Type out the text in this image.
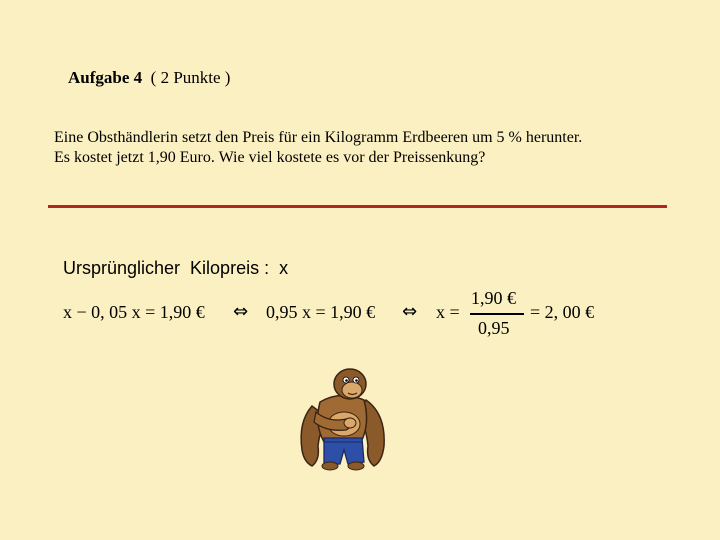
Aufgabe 4 ( 2 Punkte )
Eine Obsthändlerin setzt den Preis für ein Kilogramm Erdbeeren um 5 % herunter.
Es kostet jetzt 1,90 Euro. Wie viel kostete es vor der Preissenkung?
Ursprünglicher  Kilopreis :  x
x − 0, 05 x = 1,90 € ⇔ 0,95 x = 1,90 € ⇔ x =
1,90 €
0,95
= 2, 00 €
